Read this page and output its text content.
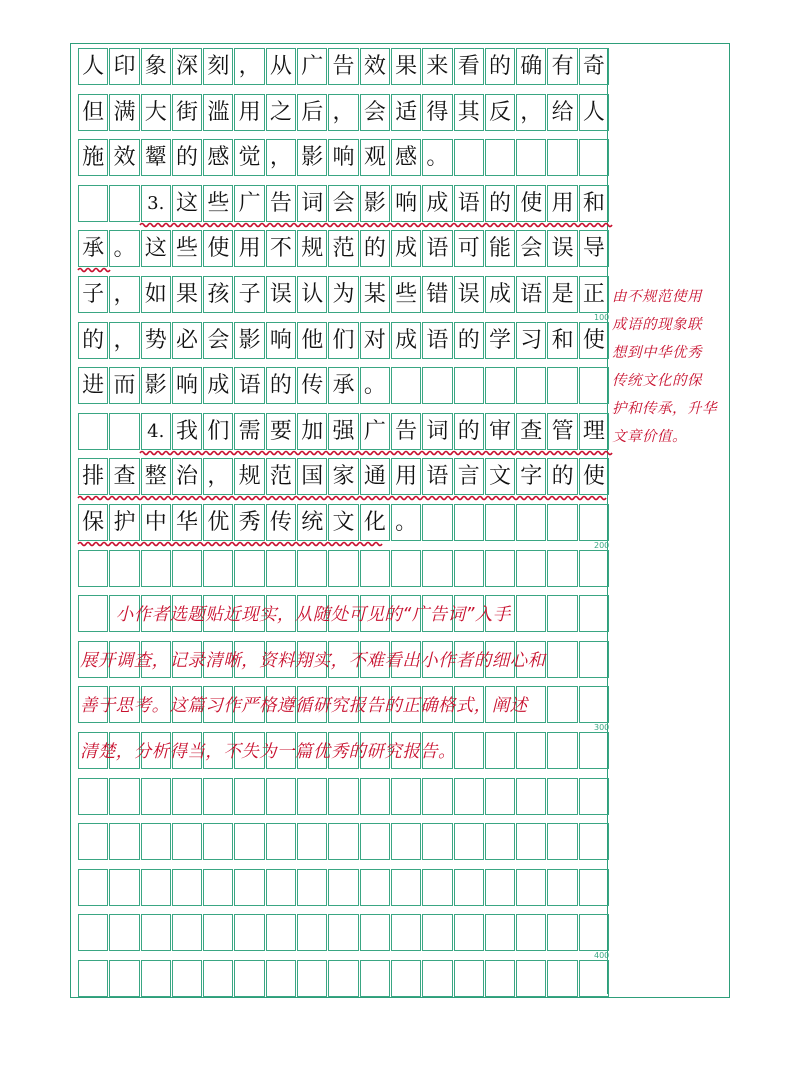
人 印 象 深 刻 ， 从 广 告 效 果 来 看 的 确 有 奇
但 满 大 街 滥 用 之 后 ， 会 适 得 其 反 ， 给 人
施 效 颦 的 感 觉 ， 影 响 观 感 。
3. 这 些 广 告 词 会 影 响 成 语 的 使 用 和
承 。 这 些 使 用 不 规 范 的 成 语 可 能 会 误 导
子 ， 如 果 孩 子 误 认 为 某 些 错 误 成 语 是 正
的 ， 势 必 会 影 响 他 们 对 成 语 的 学 习 和 使
进 而 影 响 成 语 的 传 承 。
4. 我 们 需 要 加 强 广 告 词 的 审 查 管 理
排 查 整 治 ， 规 范 国 家 通 用 语 言 文 字 的 使
保 护 中 华 优 秀 传 统 文 化 。
　　小作者选题贴近现实，从随处可见的“广告词”入手
展开调查，记录清晰，资料翔实，不难看出小作者的细心和
善于思考。这篇习作严格遵循研究报告的正确格式，阐述
清楚，分析得当，不失为一篇优秀的研究报告。
由不规范使用
成语的现象联
想到中华优秀
传统文化的保
护和传承，升华
文章价值。
100
200
300
400
